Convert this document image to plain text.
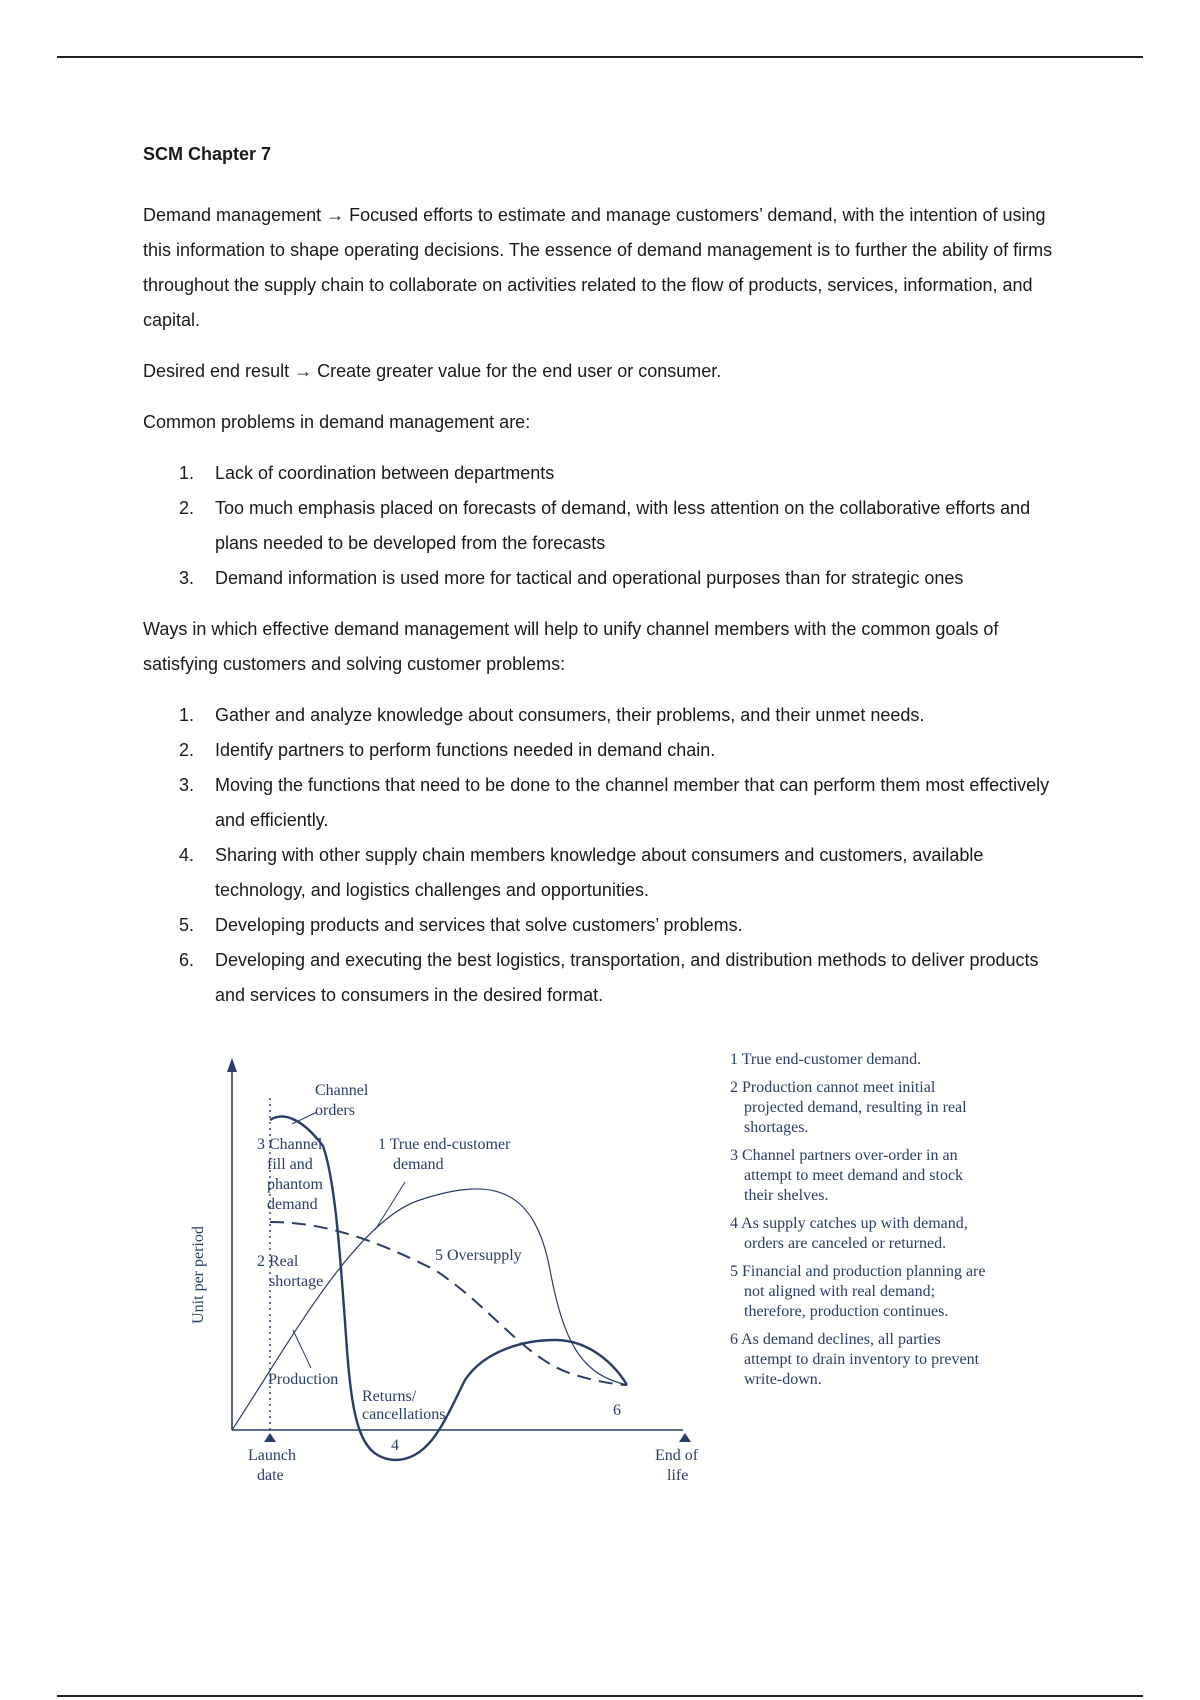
SCM Chapter 7

Demand management → Focused efforts to estimate and manage customers’ demand, with the intention of using this information to shape operating decisions. The essence of demand management is to further the ability of firms throughout the supply chain to collaborate on activities related to the flow of products, services, information, and capital.

Desired end result → Create greater value for the end user or consumer.

Common problems in demand management are:

1. Lack of coordination between departments
2. Too much emphasis placed on forecasts of demand, with less attention on the collaborative efforts and plans needed to be developed from the forecasts
3. Demand information is used more for tactical and operational purposes than for strategic ones

Ways in which effective demand management will help to unify channel members with the common goals of satisfying customers and solving customer problems:

1. Gather and analyze knowledge about consumers, their problems, and their unmet needs.
2. Identify partners to perform functions needed in demand chain.
3. Moving the functions that need to be done to the channel member that can perform them most effectively and efficiently.
4. Sharing with other supply chain members knowledge about consumers and customers, available technology, and logistics challenges and opportunities.
5. Developing products and services that solve customers’ problems.
6. Developing and executing the best logistics, transportation, and distribution methods to deliver products and services to consumers in the desired format.
Unit per period
Channel
orders
3 Channel
fill and
phantom
demand
1 True end-customer
demand
5 Oversupply
2 Real
shortage
Production
Returns/
cancellations
4
6
Launch
date
End of
life
1 True end-customer demand.
2 Production cannot meet initial projected demand, resulting in real shortages.
3 Channel partners over-order in an attempt to meet demand and stock their shelves.
4 As supply catches up with demand, orders are canceled or returned.
5 Financial and production planning are not aligned with real demand; therefore, production continues.
6 As demand declines, all parties attempt to drain inventory to prevent write-down.
